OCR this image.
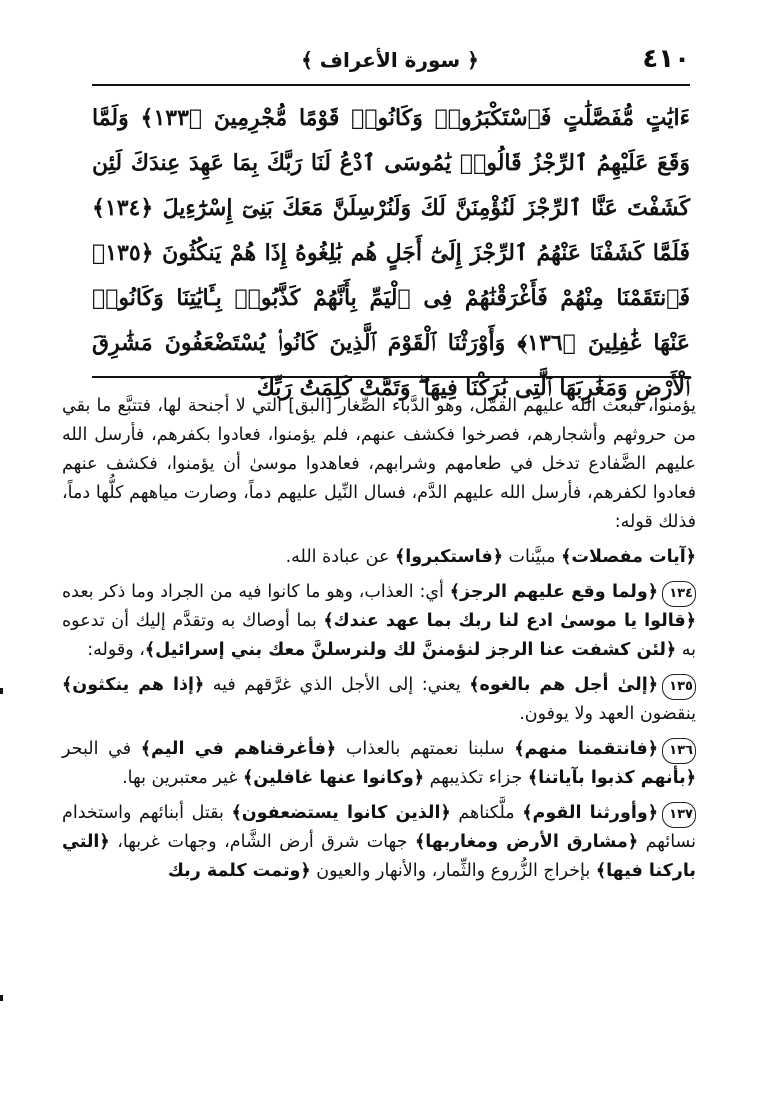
٤١٠
﴿ سورة الأعراف ﴾
ءَايَٰتٍ مُّفَصَّلَٰتٍ فَٱسْتَكْبَرُوا۟ وَكَانُوا۟ قَوْمًا مُّجْرِمِينَ ﴿١٣٣﴾ وَلَمَّا وَقَعَ عَلَيْهِمُ ٱلرِّجْزُ قَالُوا۟ يَٰمُوسَى ٱدْعُ لَنَا رَبَّكَ بِمَا عَهِدَ عِندَكَ لَئِن كَشَفْتَ عَنَّا ٱلرِّجْزَ لَنُؤْمِنَنَّ لَكَ وَلَنُرْسِلَنَّ مَعَكَ بَنِىٓ إِسْرَٰٓءِيلَ ﴿١٣٤﴾ فَلَمَّا كَشَفْنَا عَنْهُمُ ٱلرِّجْزَ إِلَىٰٓ أَجَلٍ هُم بَٰلِغُوهُ إِذَا هُمْ يَنكُثُونَ ﴿١٣٥﴾ فَٱنتَقَمْنَا مِنْهُمْ فَأَغْرَقْنَٰهُمْ فِى ٱلْيَمِّ بِأَنَّهُمْ كَذَّبُوا۟ بِـَٔايَٰتِنَا وَكَانُوا۟ عَنْهَا غَٰفِلِينَ ﴿١٣٦﴾ وَأَوْرَثْنَا ٱلْقَوْمَ ٱلَّذِينَ كَانُوا۟ يُسْتَضْعَفُونَ مَشَٰرِقَ ٱلْأَرْضِ وَمَغَٰرِبَهَا ٱلَّتِى بَٰرَكْنَا فِيهَا ۖ وَتَمَّتْ كَلِمَتُ رَبِّكَ

يؤمنوا، فبعث الله عليهم القمَّل، وهو الدَّباء الصِّغار [البق] التي لا أجنحة لها، فتتبَّع ما بقي من حروثهم وأشجارهم، فصرخوا فكشف عنهم، فلم يؤمنوا، فعادوا بكفرهم، فأرسل الله عليهم الضَّفادع تدخل في طعامهم وشرابهم، فعاهدوا موسىٰ أن يؤمنوا، فكشف عنهم فعادوا لكفرهم، فأرسل الله عليهم الدَّم، فسال النِّيل عليهم دماً، وصارت مياههم كلُّها دماً، فذلك قوله:

﴿آيات مفصلات﴾ مبيَّنات ﴿فاستكبروا﴾ عن عبادة الله.

١٣٤﴿ولما وقع عليهم الرجز﴾ أي: العذاب، وهو ما كانوا فيه من الجراد وما ذكر بعده ﴿قالوا يا موسىٰ ادع لنا ربك بما عهد عندك﴾ بما أوصاك به وتقدَّم إليك أن تدعوه به ﴿لئن كشفت عنا الرجز لنؤمننَّ لك ولنرسلنَّ معك بني إسرائيل﴾، وقوله:

١٣٥﴿إلىٰ أجل هم بالغوه﴾ يعني: إلى الأجل الذي غرَّقهم فيه ﴿إذا هم ينكثون﴾ ينقضون العهد ولا يوفون.

١٣٦﴿فانتقمنا منهم﴾ سلبنا نعمتهم بالعذاب ﴿فأغرقناهم في اليم﴾ في البحر ﴿بأنهم كذبوا بآياتنا﴾ جزاء تكذيبهم ﴿وكانوا عنها غافلين﴾ غير معتبرين بها.

١٣٧﴿وأورثنا القوم﴾ ملَّكناهم ﴿الذين كانوا يستضعفون﴾ بقتل أبنائهم واستخدام نسائهم ﴿مشارق الأرض ومغاربها﴾ جهات شرق أرض الشَّام، وجهات غربها، ﴿التي باركنا فيها﴾ بإخراج الزُّروع والثِّمار، والأنهار والعيون ﴿وتمت كلمة ربك
